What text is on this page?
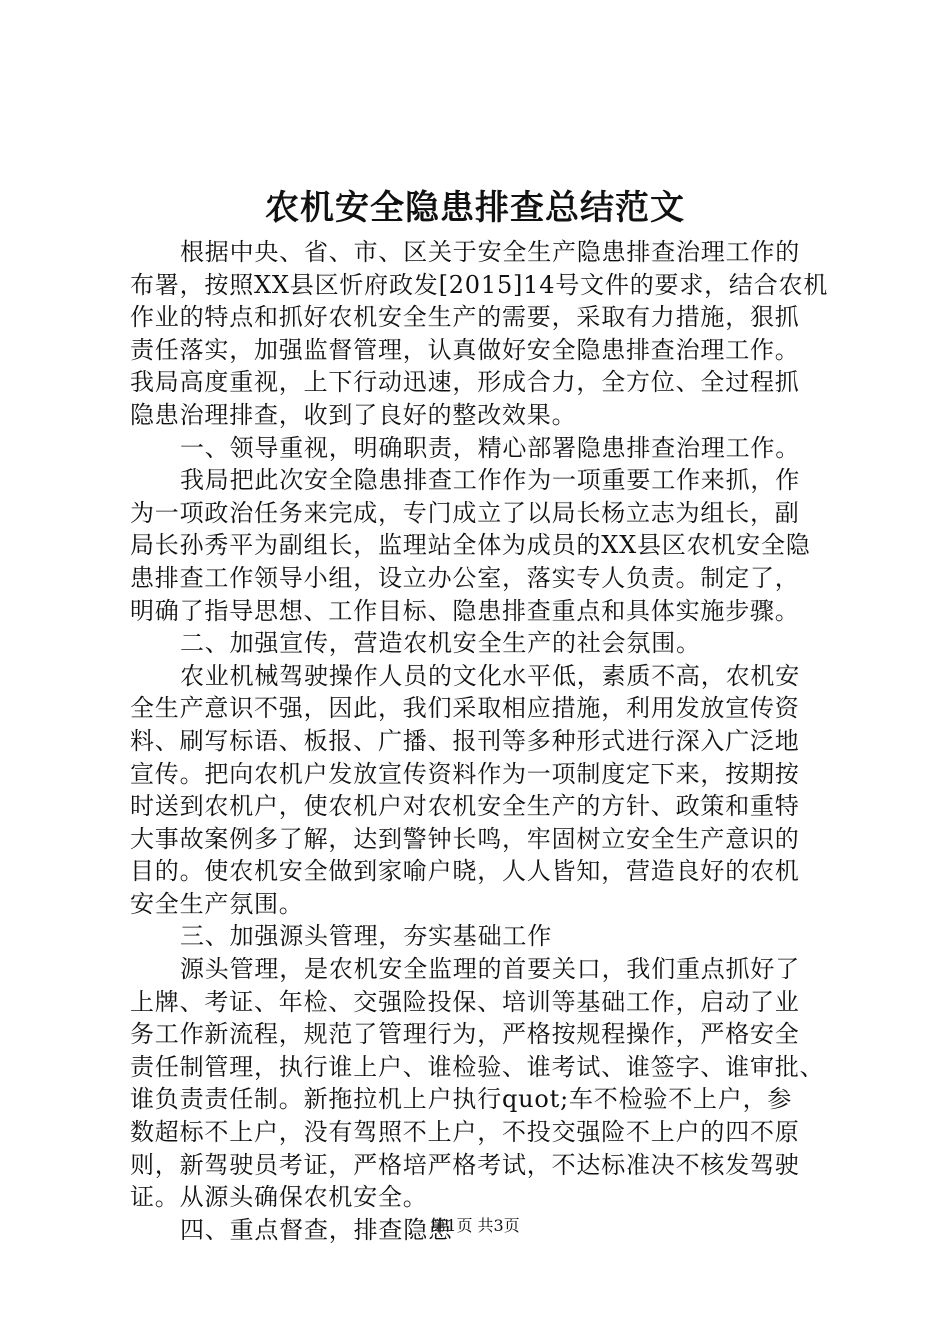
农机安全隐患排查总结范文
根据中央、省、市、区关于安全生产隐患排查治理工作的
布署，按照XX县区忻府政发[2015]14号文件的要求，结合农机
作业的特点和抓好农机安全生产的需要，采取有力措施，狠抓
责任落实，加强监督管理，认真做好安全隐患排查治理工作。
我局高度重视，上下行动迅速，形成合力，全方位、全过程抓
隐患治理排查，收到了良好的整改效果。
一、领导重视，明确职责，精心部署隐患排查治理工作。
我局把此次安全隐患排查工作作为一项重要工作来抓，作
为一项政治任务来完成，专门成立了以局长杨立志为组长，副
局长孙秀平为副组长，监理站全体为成员的XX县区农机安全隐
患排查工作领导小组，设立办公室，落实专人负责。制定了，
明确了指导思想、工作目标、隐患排查重点和具体实施步骤。
二、加强宣传，营造农机安全生产的社会氛围。
农业机械驾驶操作人员的文化水平低，素质不高，农机安
全生产意识不强，因此，我们采取相应措施，利用发放宣传资
料、刷写标语、板报、广播、报刊等多种形式进行深入广泛地
宣传。把向农机户发放宣传资料作为一项制度定下来，按期按
时送到农机户，使农机户对农机安全生产的方针、政策和重特
大事故案例多了解，达到警钟长鸣，牢固树立安全生产意识的
目的。使农机安全做到家喻户晓，人人皆知，营造良好的农机
安全生产氛围。
三、加强源头管理，夯实基础工作
源头管理，是农机安全监理的首要关口，我们重点抓好了
上牌、考证、年检、交强险投保、培训等基础工作，启动了业
务工作新流程，规范了管理行为，严格按规程操作，严格安全
责任制管理，执行谁上户、谁检验、谁考试、谁签字、谁审批、
谁负责责任制。新拖拉机上户执行quot;车不检验不上户，参
数超标不上户，没有驾照不上户，不投交强险不上户的四不原
则，新驾驶员考证，严格培严格考试，不达标准决不核发驾驶
证。从源头确保农机安全。
四、重点督查，排查隐患
第1页 共3页
